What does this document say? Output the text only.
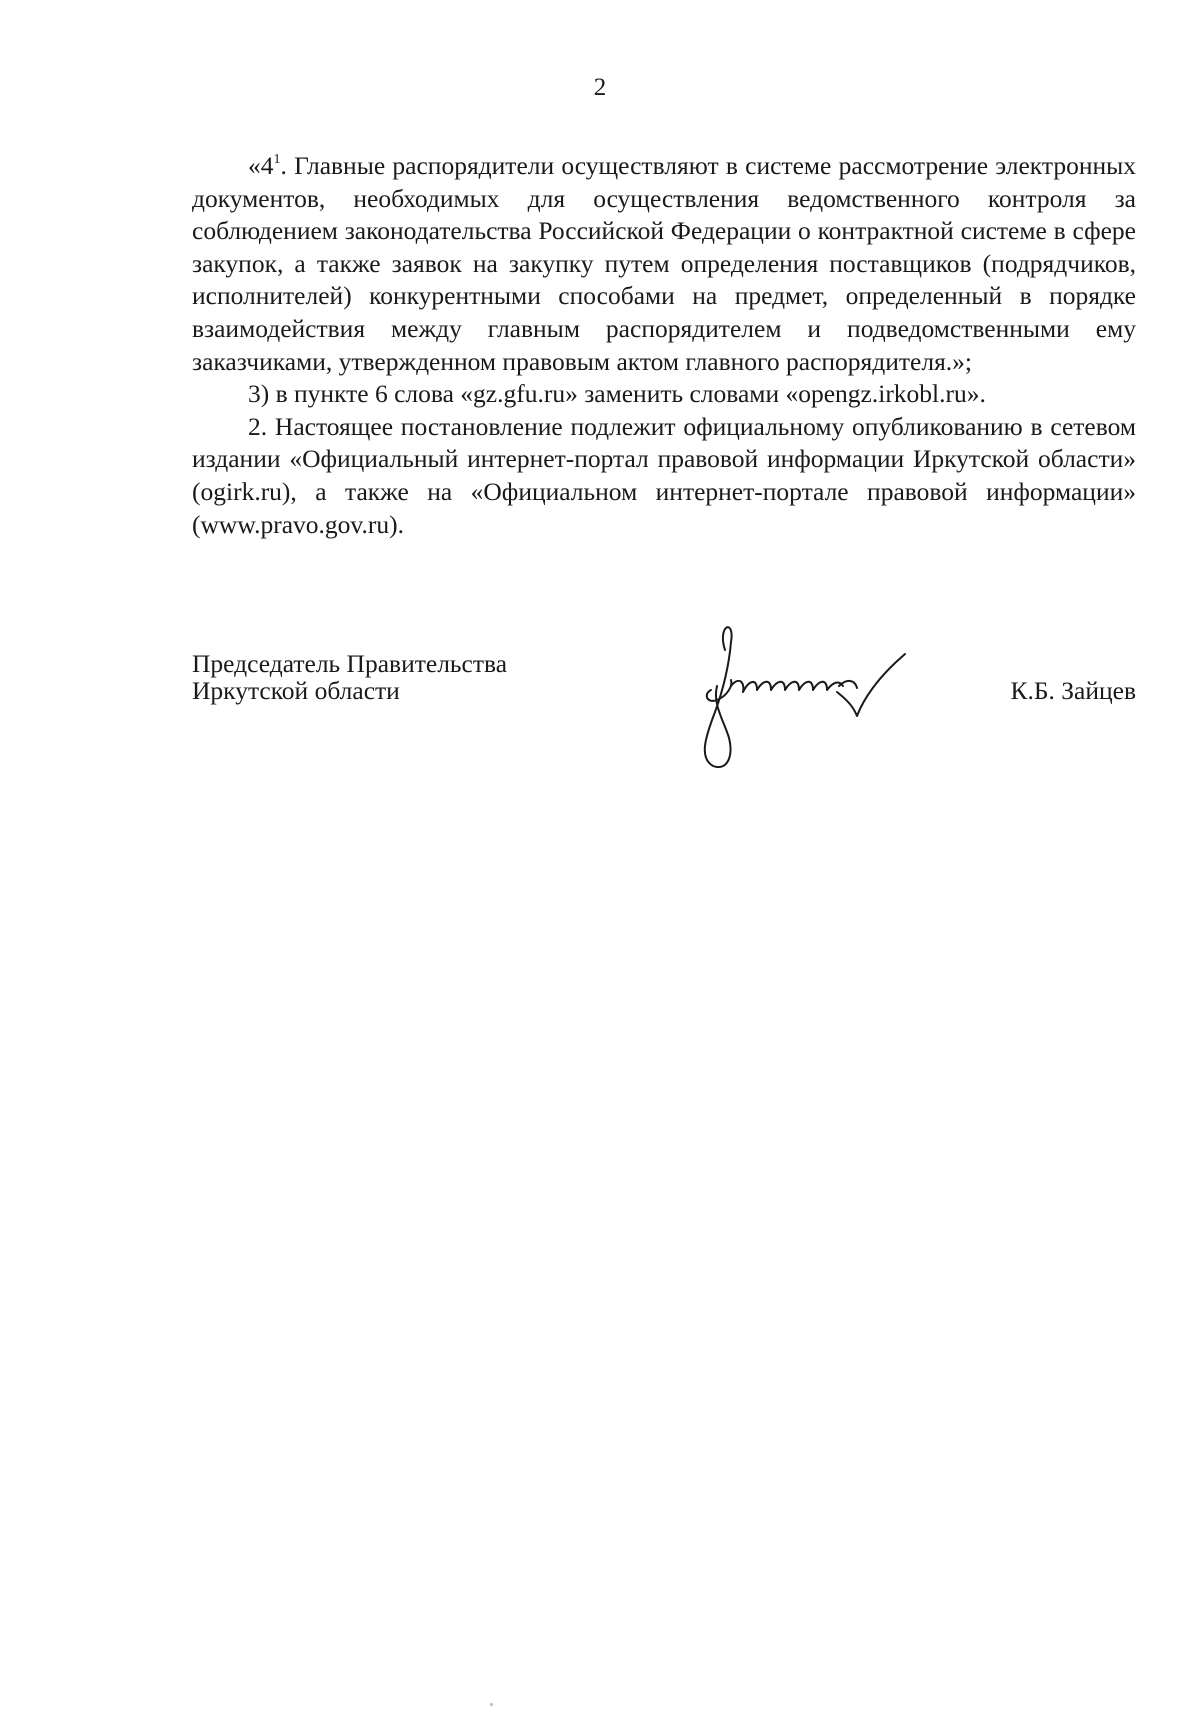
2

«$4^1$. Главные распорядители осуществляют в системе рассмотрение электронных документов, необходимых для осуществления ведомственного контроля за соблюдением законодательства Российской Федерации о контрактной системе в сфере закупок, а также заявок на закупку путем определения поставщиков (подрядчиков, исполнителей) конкурентными способами на предмет, определенный в порядке взаимодействия между главным распорядителем и подведомственными ему заказчиками, утвержденном правовым актом главного распорядителя.»;

3) в пункте 6 слова «gz.gfu.ru» заменить словами «opengz.irkobl.ru».

2. Настоящее постановление подлежит официальному опубликованию в сетевом издании «Официальный интернет-портал правовой информации Иркутской области» (ogirk.ru), а также на «Официальном интернет-портале правовой информации» (www.pravo.gov.ru).

Председатель Правительства
Иркутской области	К.Б. Зайцев
